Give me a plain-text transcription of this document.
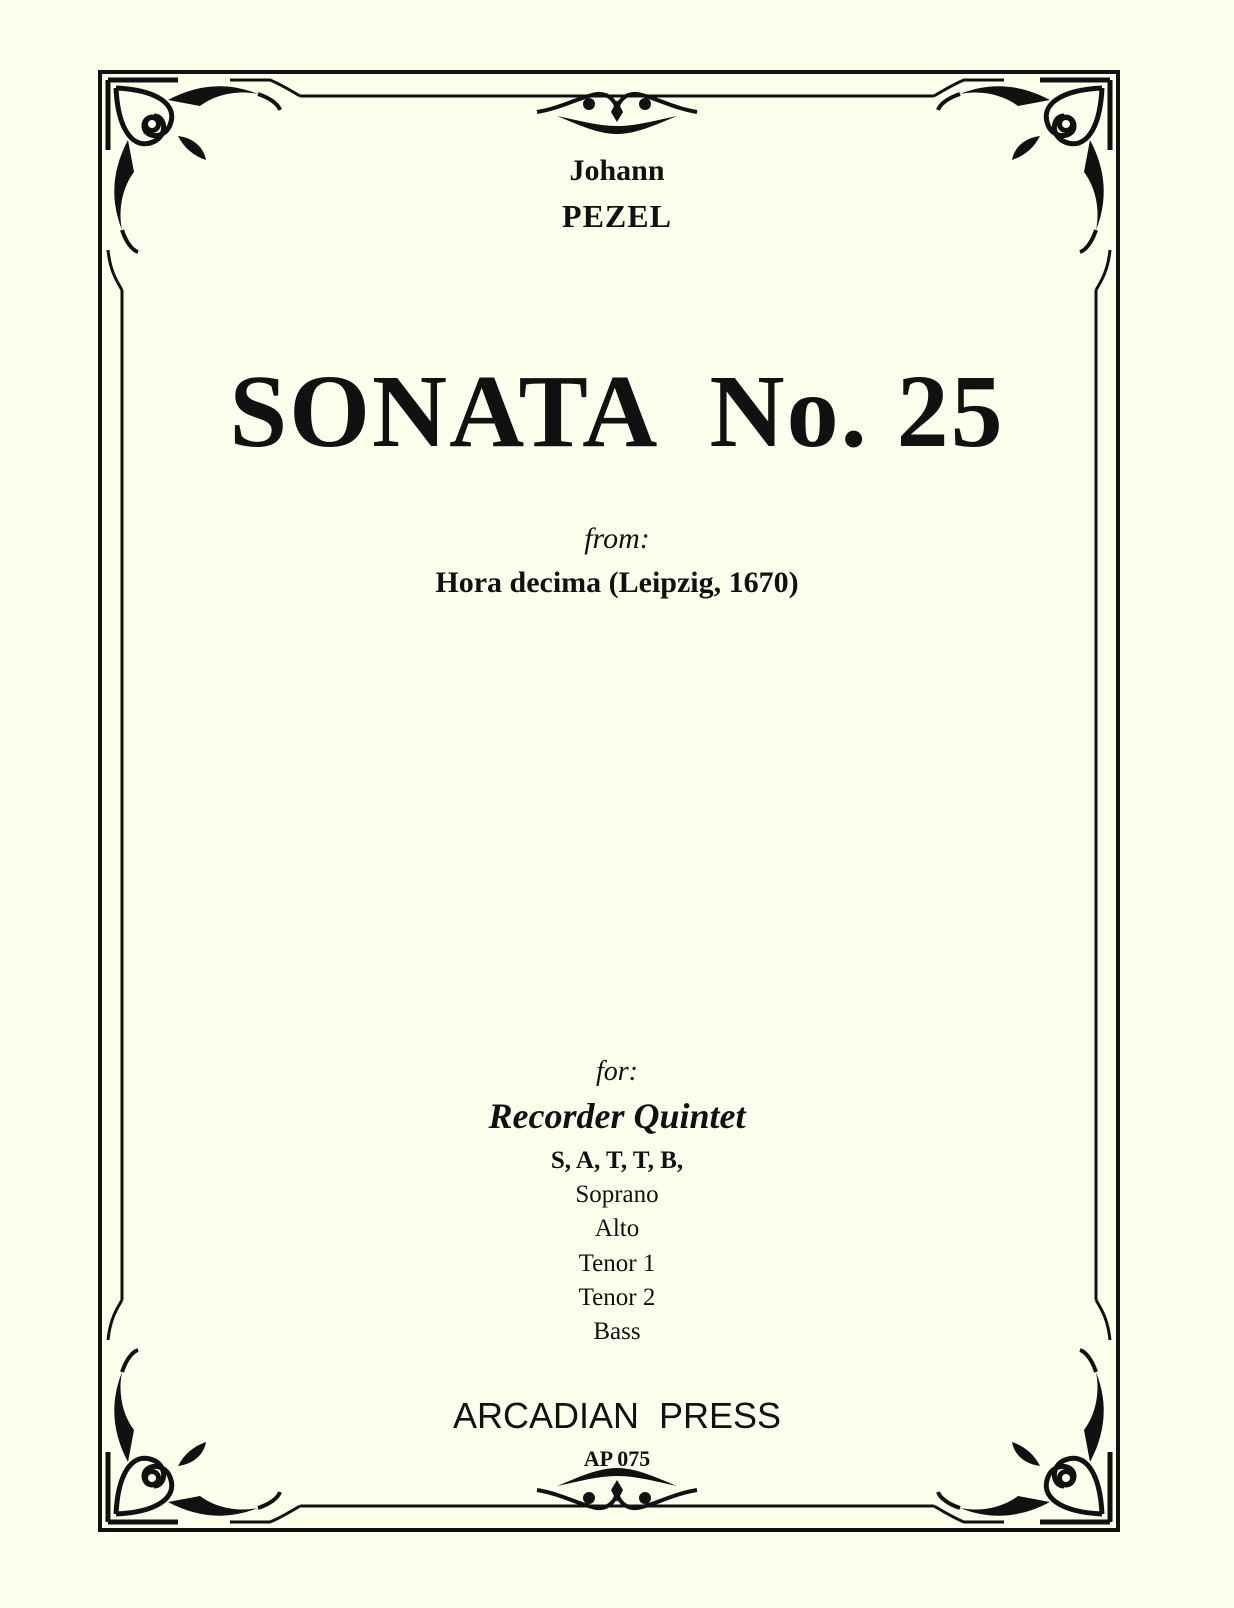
Johann
PEZEL
SONATA  No. 25
from:
Hora decima (Leipzig, 1670)
for:
Recorder Quintet
S, A, T, T, B,
Soprano
Alto
Tenor 1
Tenor 2
Bass
ARCADIAN  PRESS
AP 075
